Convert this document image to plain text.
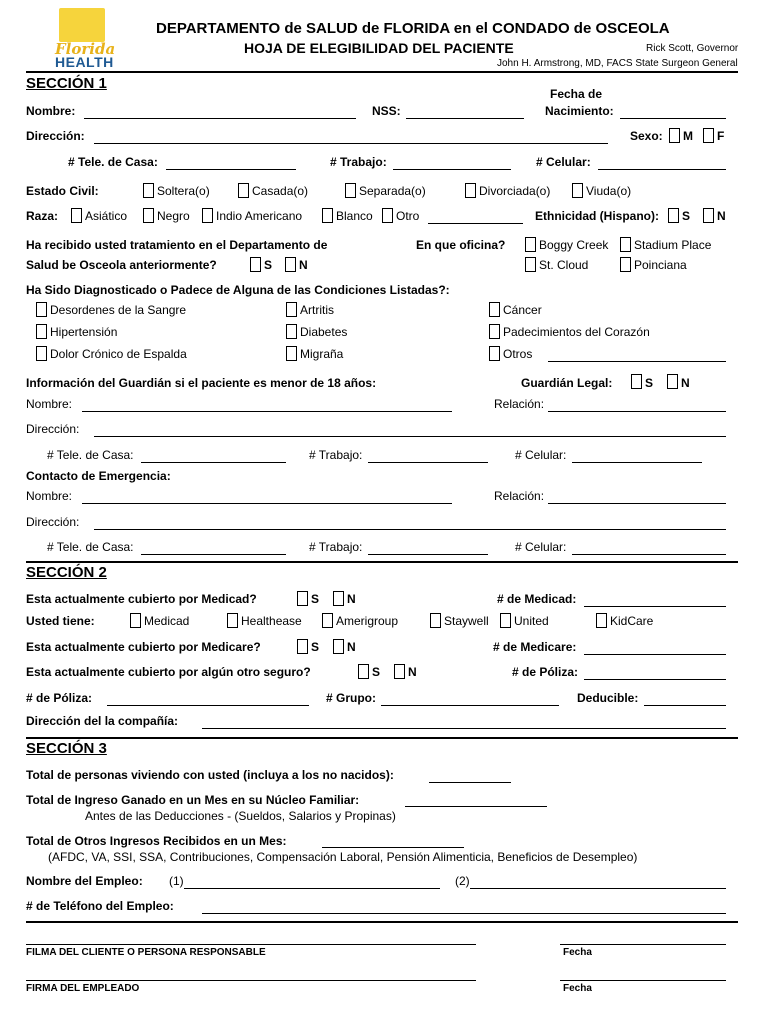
Florida
HEALTH
DEPARTAMENTO de SALUD de FLORIDA en el CONDADO de OSCEOLA
HOJA DE ELEGIBILIDAD DEL PACIENTE	Rick Scott, Governor
John H. Armstrong, MD, FACS State Surgeon General
SECCIÓN 1
Fecha de
Nombre:	NSS:	Nacimiento:
Dirección:	Sexo: M F
# Tele. de Casa:	# Trabajo:	# Celular:
Estado Civil:	Soltera(o)	Casada(o)	Separada(o)	Divorciada(o)	Viuda(o)
Raza: Asiático Negro Indio Americano	Blanco Otro	Ethnicidad (Hispano): S N
Ha recibido usted tratamiento en el Departamento de
Salud be Osceola anteriormente?	S N
En que oficina?	Boggy Creek Stadium Place
St. Cloud	Poinciana
Ha Sido Diagnosticado o Padece de Alguna de las Condiciones Listadas?:
Desordenes de la Sangre	Artritis	Cáncer
Hipertensión	Diabetes	Padecimientos del Corazón
Dolor Crónico de Espalda	Migraña	Otros
Información del Guardián si el paciente es menor de 18 años:	Guardián Legal:	S N
Nombre:	Relación:
Dirección:
# Tele. de Casa:	# Trabajo:	# Celular:
Contacto de Emergencia:
Nombre:	Relación:
Dirección:
# Tele. de Casa:	# Trabajo:	# Celular:
SECCIÓN 2
Esta actualmente cubierto por Medicad?	S N	# de Medicad:
Usted tiene:	Medicad	Healthease	Amerigroup	Staywell United	KidCare
Esta actualmente cubierto por Medicare?	S N	# de Medicare:
Esta actualmente cubierto por algún otro seguro?	S N	# de Póliza:
# de Póliza:	# Grupo:	Deducible:
Dirección del la compañía:
SECCIÓN 3
Total de personas viviendo con usted (incluya a los no nacidos):
Total de Ingreso Ganado en un Mes en su Núcleo Familiar:
Antes de las Deducciones - (Sueldos, Salarios y Propinas)
Total de Otros Ingresos Recibidos en un Mes:
(AFDC, VA, SSI, SSA, Contribuciones, Compensación Laboral, Pensión Alimenticia, Beneficios de Desempleo)
Nombre del Empleo: (1)	(2)
# de Teléfono del Empleo:
FILMA DEL CLIENTE O PERSONA RESPONSABLE	Fecha
FIRMA DEL EMPLEADO	Fecha
